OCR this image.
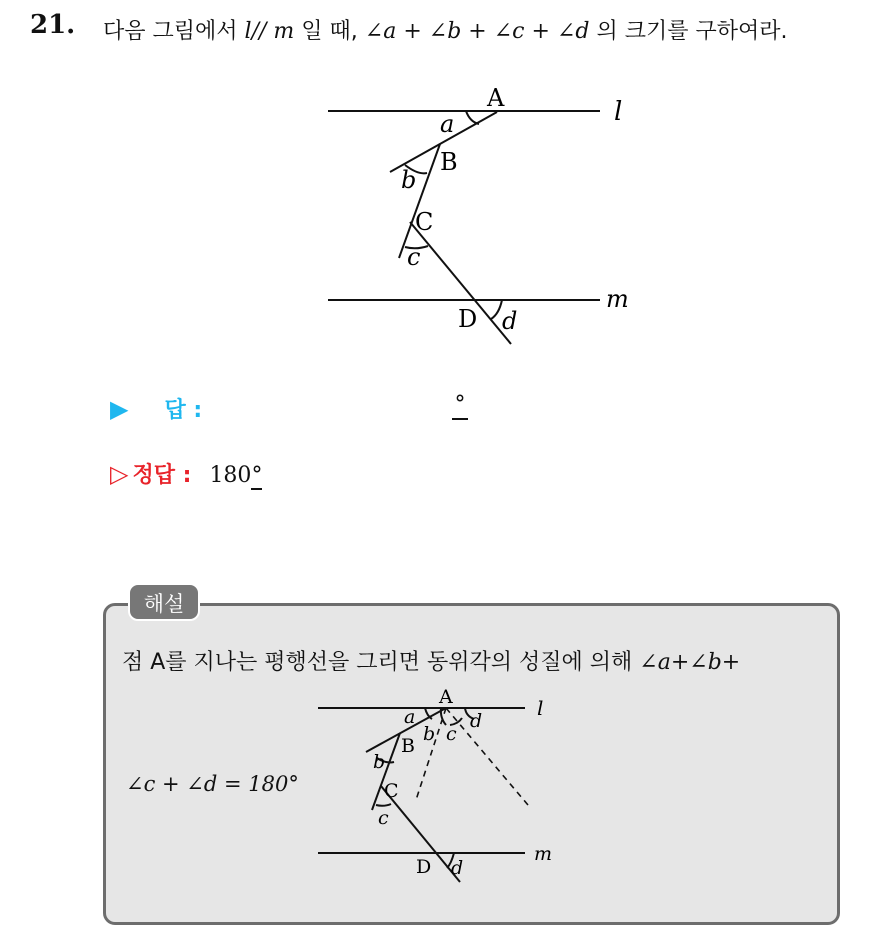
21. 다음 그림에서 l// m 일 때, ∠a + ∠b + ∠c + ∠d 의 크기를 구하여라.
A
a
B
b
C
c
D d
l
m
▶ 답 :	°
▷ 정답 : 180°
해설
점 A를 지나는 평행선을 그리면 동위각의 성질에 의해 ∠a+∠b+
∠c + ∠d = 180°
A
a
b c
d
B
b
C
c
D d
l
m
